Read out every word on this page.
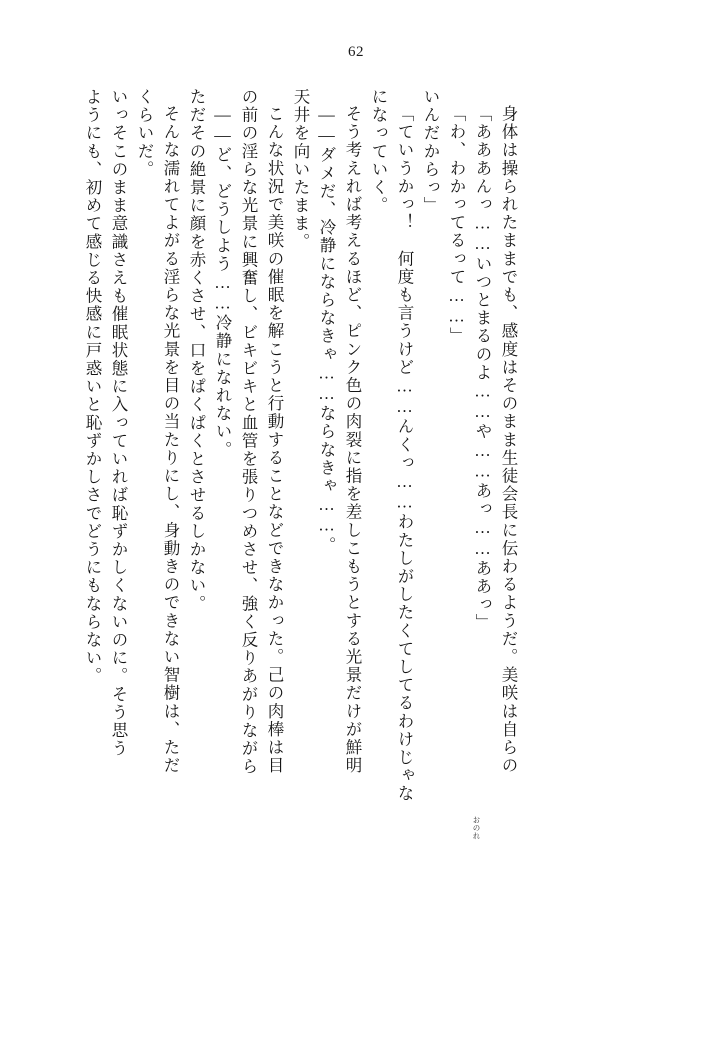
62
ようにも、初めて感じる快感に戸惑いと恥ずかしさでどうにもならない。 いっそこのまま意識さえも催眠状態に入っていれば恥ずかしくないのに。そう思う くらいだ。 そんな濡れてよがる淫らな光景を目の当たりにし、身動きのできない智樹は、ただ ただその絶景に顔を赤くさせ、口をぱくぱくとさせるしかない。 ――ど、どうしよう……冷静になれない。 の前の淫らな光景に興奮し、ビキビキと血管を張りつめさせ、強く反りあがりながら こんな状況で美咲の催眠を解こうと行動することなどできなかった。己の肉棒は目 天井を向いたまま。 ――ダメだ、冷静にならなきゃ……ならなきゃ……。 そう考えれば考えるほど、ピンク色の肉裂に指を差しこもうとする光景だけが鮮明 になっていく。 「ていうかっ！　何度も言うけど……んくっ……わたしがしたくてしてるわけじゃな いんだからっ」 「わ、わかってるって……」 「あああんっ……いつとまるのよ……や……あっ……ああっ」 身体は操られたままでも、感度はそのまま生徒会長に伝わるようだ。美咲は自らの
おのれ
